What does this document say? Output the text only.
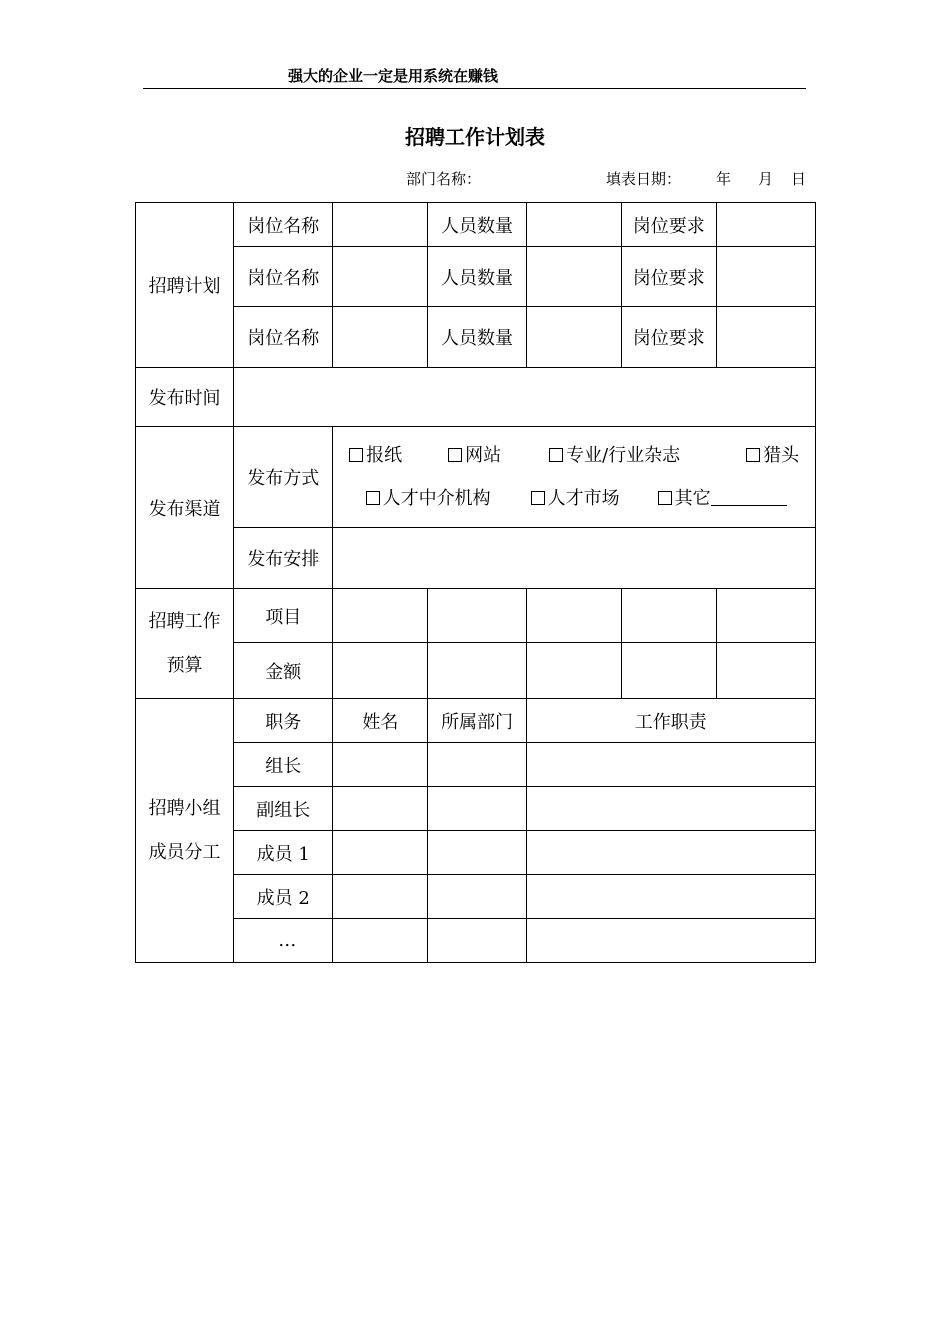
强大的企业一定是用系统在赚钱
招聘工作计划表
部门名称：	填表日期： 年 月 日
招聘计划	岗位名称		人员数量		岗位要求	
	岗位名称		人员数量		岗位要求	
	岗位名称		人员数量		岗位要求	
发布时间						
发布渠道	发布方式	报纸 网站 专业/行业杂志 猎头
人才中介机构 人才市场 其它				

	发布安排					

招聘工作
预算	项目					
	金额					

招聘小组
成员分工	职务	姓名	所属部门	工作职责		
	组长					
	副组长					
	成员 1					
	成员 2					
	…					
